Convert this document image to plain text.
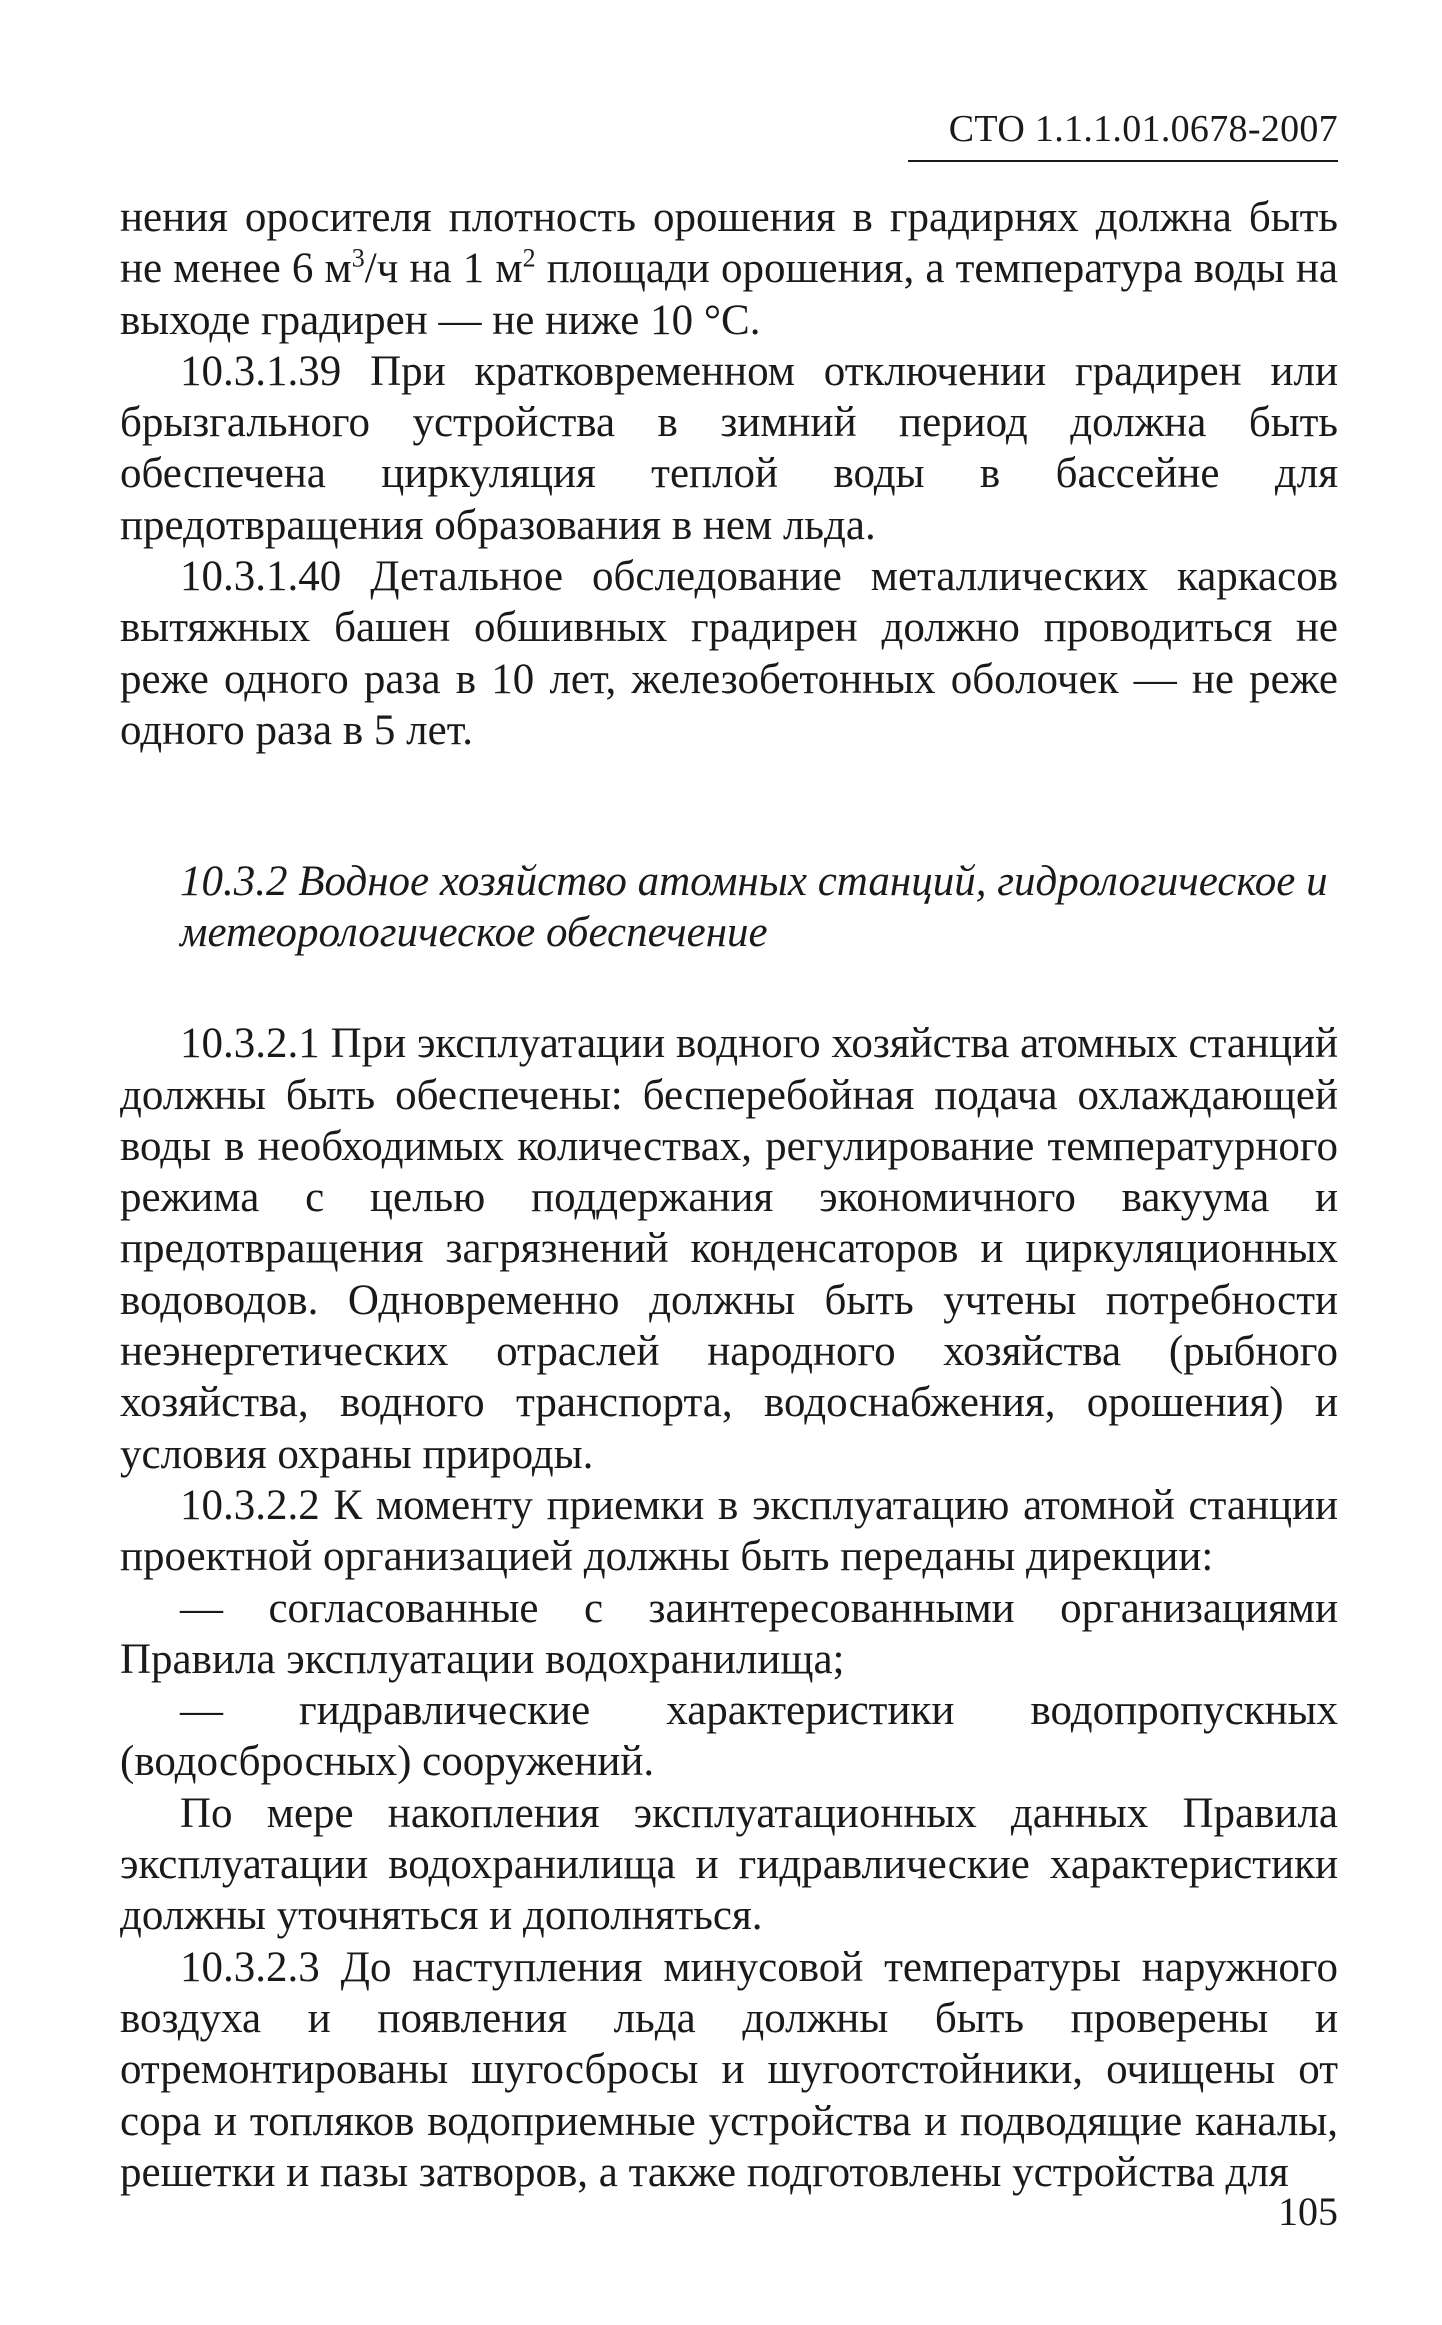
СТО 1.1.1.01.0678-2007

нения оросителя плотность орошения в градирнях должна быть не менее 6 $м^3/ч$ на 1 $м^2$ площади орошения, а температура воды на выходе градирен — не ниже 10 °С.

10.3.1.39 При кратковременном отключении градирен или брызгального устройства в зимний период должна быть обеспечена циркуляция теплой воды в бассейне для предотвращения образования в нем льда.

10.3.1.40 Детальное обследование металлических каркасов вытяжных башен обшивных градирен должно проводиться не реже одного раза в 10 лет, железобетонных оболочек — не реже одного раза в 5 лет.

10.3.2 Водное хозяйство атомных станций, гидрологическое и метеорологическое обеспечение

10.3.2.1 При эксплуатации водного хозяйства атомных станций должны быть обеспечены: бесперебойная подача охлаждающей воды в необходимых количествах, регулирование температурного режима с целью поддержания экономичного вакуума и предотвращения загрязнений конденсаторов и циркуляционных водоводов. Одновременно должны быть учтены потребности неэнергетических отраслей народного хозяйства (рыбного хозяйства, водного транспорта, водоснабжения, орошения) и условия охраны природы.

10.3.2.2 К моменту приемки в эксплуатацию атомной станции проектной организацией должны быть переданы дирекции:

— согласованные с заинтересованными организациями Правила эксплуатации водохранилища;

— гидравлические характеристики водопропускных (водосбросных) сооружений.

По мере накопления эксплуатационных данных Правила эксплуатации водохранилища и гидравлические характеристики должны уточняться и дополняться.

10.3.2.3 До наступления минусовой температуры наружного воздуха и появления льда должны быть проверены и отремонтированы шугосбросы и шугоотстойники, очищены от сора и топляков водоприемные устройства и подводящие каналы, решетки и пазы затворов, а также подготовлены устройства для

105
